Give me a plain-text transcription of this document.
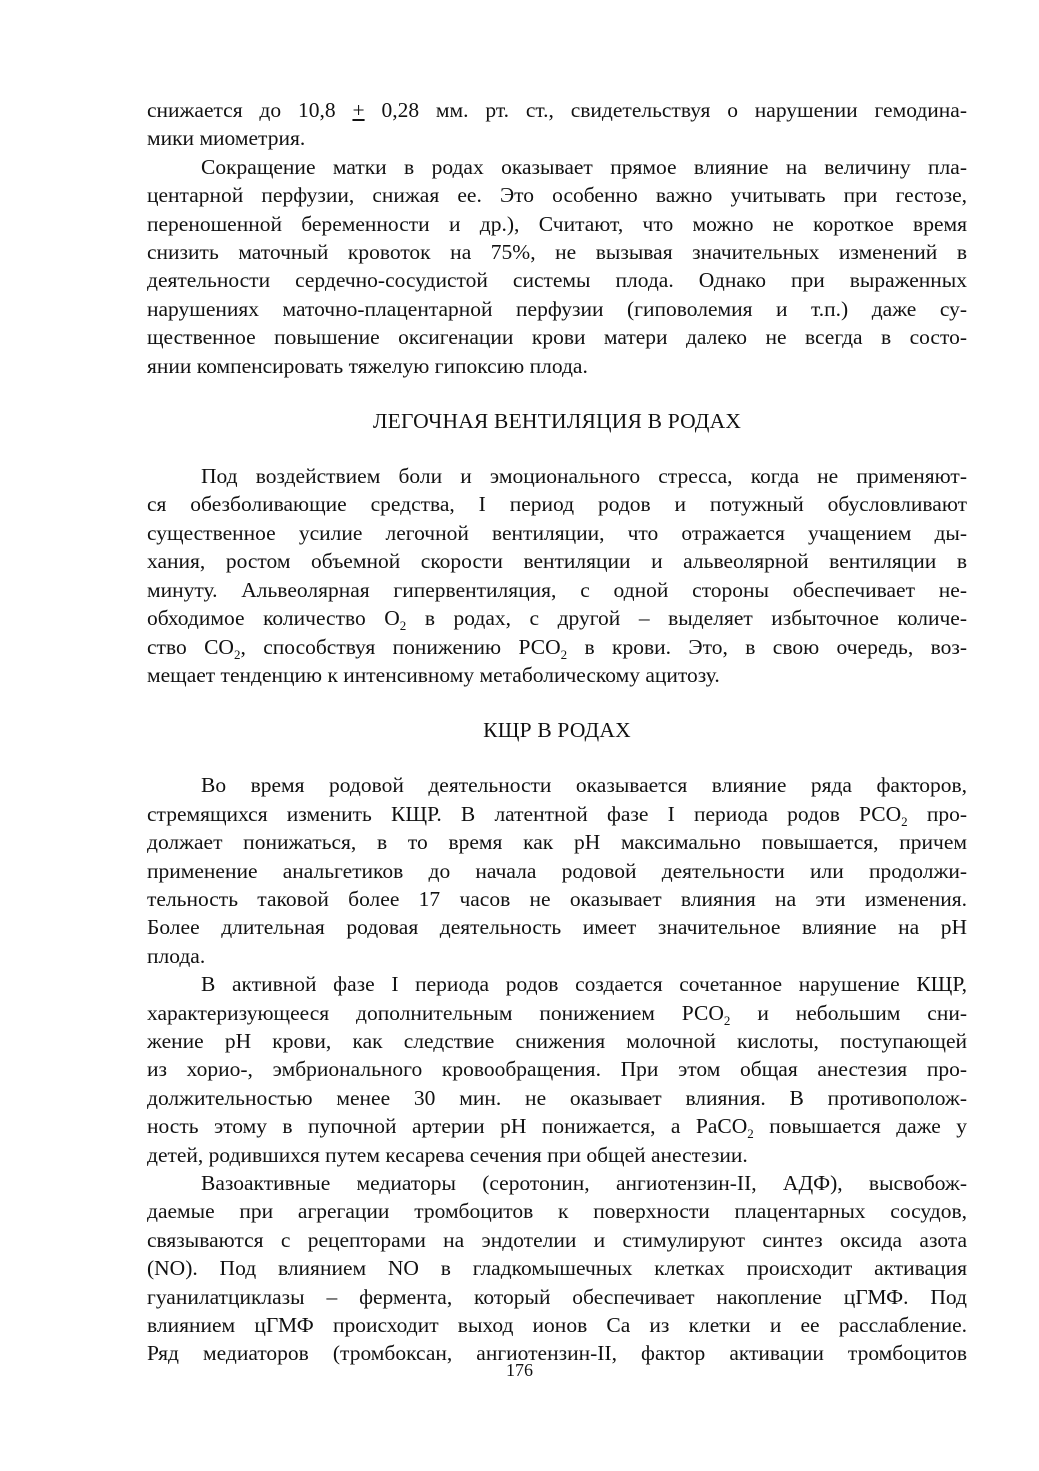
снижается до 10,8 + 0,28 мм. рт. ст., свидетельствуя о нарушении гемодина-
мики миометрия.
Сокращение матки в родах оказывает прямое влияние на величину пла-
центарной перфузии, снижая ее. Это особенно важно учитывать при гестозе,
переношенной беременности и др.), Считают, что можно не короткое время
снизить маточный кровоток на 75%, не вызывая значительных изменений в
деятельности сердечно-сосудистой системы плода. Однако при выраженных
нарушениях маточно-плацентарной перфузии (гиповолемия и т.п.) даже су-
щественное повышение оксигенации крови матери далеко не всегда в состо-
янии компенсировать тяжелую гипоксию плода.
ЛЕГОЧНАЯ ВЕНТИЛЯЦИЯ В РОДАХ
Под воздействием боли и эмоционального стресса, когда не применяют-
ся обезболивающие средства, I период родов и потужный обусловливают
существенное усилие легочной вентиляции, что отражается учащением ды-
хания, ростом объемной скорости вентиляции и альвеолярной вентиляции в
минуту. Альвеолярная гипервентиляция, с одной стороны обеспечивает не-
обходимое количество $О_2$ в родах, с другой – выделяет избыточное количе-
ство $СО_2$, способствуя понижению $РСО_2$ в крови. Это, в свою очередь, воз-
мещает тенденцию к интенсивному метаболическому ацитозу.
КЩР В РОДАХ
Во время родовой деятельности оказывается влияние ряда факторов,
стремящихся изменить КЩР. В латентной фазе I периода родов $РСО_2$ про-
должает понижаться, в то время как рН максимально повышается, причем
применение анальгетиков до начала родовой деятельности или продолжи-
тельность таковой более 17 часов не оказывает влияния на эти изменения.
Более длительная родовая деятельность имеет значительное влияние на рН
плода.
В активной фазе I периода родов создается сочетанное нарушение КЩР,
характеризующееся дополнительным понижением $РСО_2$ и небольшим сни-
жение рН крови, как следствие снижения молочной кислоты, поступающей
из хорио-, эмбрионального кровообращения. При этом общая анестезия про-
должительностью менее 30 мин. не оказывает влияния. В противополож-
ность этому в пупочной артерии рН понижается, а PaCO$_2$ повышается даже у
детей, родившихся путем кесарева сечения при общей анестезии.
Вазоактивные медиаторы (серотонин, ангиотензин-II, АДФ), высвобож-
даемые при агрегации тромбоцитов к поверхности плацентарных сосудов,
связываются с рецепторами на эндотелии и стимулируют синтез оксида азота
(NO). Под влиянием NO в гладкомышечных клетках происходит активация
гуанилатциклазы – фермента, который обеспечивает накопление цГМФ. Под
влиянием цГМФ происходит выход ионов Са из клетки и ее расслабление.
Ряд медиаторов (тромбоксан, ангиотензин-II, фактор активации тромбоцитов
176
